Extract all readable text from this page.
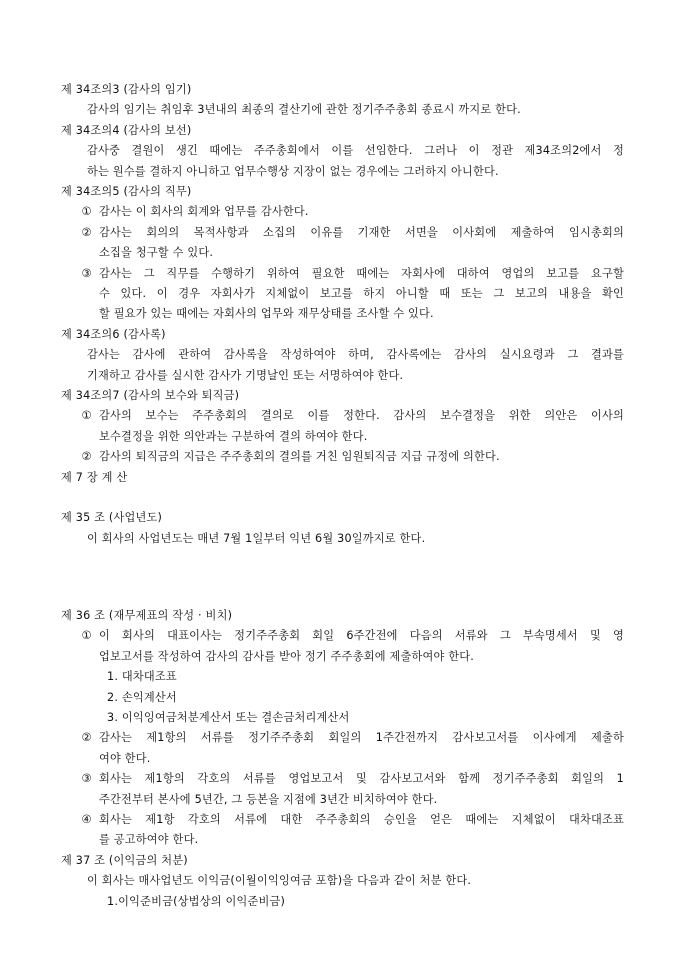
제 34조의3 (감사의 임기)
감사의 임기는 취임후 3년내의 최종의 결산기에 관한 정기주주총회 종료시 까지로 한다.
제 34조의4 (감사의 보선)
감사중 결원이 생긴 때에는 주주총회에서 이를 선임한다. 그러나 이 정관 제34조의2에서 정
하는 원수를 결하지 아니하고 업무수행상 지장이 없는 경우에는 그러하지 아니한다.
제 34조의5 (감사의 직무)
① 감사는 이 회사의 회계와 업무를 감사한다.
② 감사는 회의의 목적사항과 소집의 이유를 기재한 서면을 이사회에 제출하여 임시총회의
소집을 청구할 수 있다.
③ 감사는 그 직무를 수행하기 위하여 필요한 때에는 자회사에 대하여 영업의 보고를 요구할
수 있다. 이 경우 자회사가 지체없이 보고를 하지 아니할 때 또는 그 보고의 내용을 확인
할 필요가 있는 때에는 자회사의 업무와 재무상태를 조사할 수 있다.
제 34조의6 (감사록)
감사는 감사에 관하여 감사록을 작성하여야 하며, 감사록에는 감사의 실시요령과 그 결과를
기재하고 감사를 실시한 감사가 기명날인 또는 서명하여야 한다.
제 34조의7 (감사의 보수와 퇴직금)
① 감사의 보수는 주주총회의 결의로 이를 정한다. 감사의 보수결정을 위한 의안은 이사의
보수결정을 위한 의안과는 구분하여 결의 하여야 한다.
② 감사의 퇴직금의 지급은 주주총회의 결의를 거친 임원퇴직금 지급 규정에 의한다.
제 7 장 계 산
제 35 조 (사업년도)
이 회사의 사업년도는 매년 7월 1일부터 익년 6월 30일까지로 한다.
제 36 조 (재무제표의 작성 · 비치)
① 이 회사의 대표이사는 정기주주총회 회일 6주간전에 다음의 서류와 그 부속명세서 및 영
업보고서를 작성하여 감사의 감사를 받아 정기 주주총회에 제출하여야 한다.
1. 대차대조표
2. 손익계산서
3. 이익잉여금처분계산서 또는 결손금처리계산서
② 감사는 제1항의 서류를 정기주주총회 회일의 1주간전까지 감사보고서를 이사에게 제출하
여야 한다.
③ 회사는 제1항의 각호의 서류를 영업보고서 및 감사보고서와 함께 정기주주총회 회일의 1
주간전부터 본사에 5년간, 그 등본을 지점에 3년간 비치하여야 한다.
④ 회사는 제1항 각호의 서류에 대한 주주총회의 승인을 얻은 때에는 지체없이 대차대조표
를 공고하여야 한다.
제 37 조 (이익금의 처분)
이 회사는 매사업년도 이익금(이월이익잉여금 포함)을 다음과 같이 처분 한다.
1.이익준비금(상법상의 이익준비금)
